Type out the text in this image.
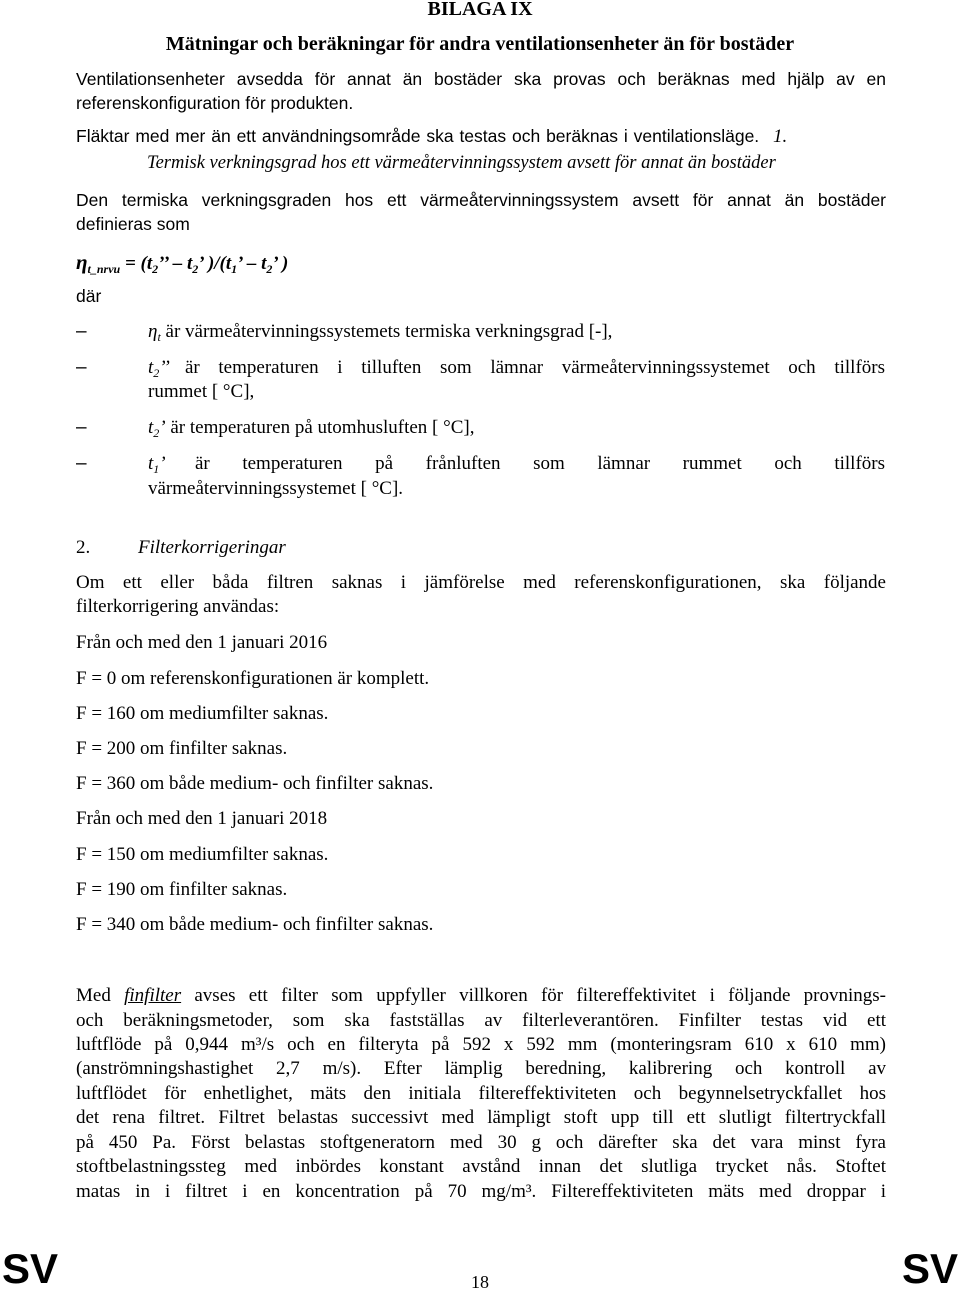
BILAGA IX
Mätningar och beräkningar för andra ventilationsenheter än för bostäder
Ventilationsenheter avsedda för annat än bostäder ska provas och beräknas med hjälp av en
referenskonfiguration för produkten.
Fläktar med mer än ett användningsområde ska testas och beräknas i ventilationsläge. 1.
Termisk verkningsgrad hos ett värmeåtervinningssystem avsett för annat än bostäder
Den termiska verkningsgraden hos ett värmeåtervinningssystem avsett för annat än bostäder
definieras som
$\eta_{t\_nrvu} = (t_2$’’ – $t_2$’ )$/(t_1$’ – $t_2$’ )
där
–	$\eta_t$ är värmeåtervinningssystemets termiska verkningsgrad [-],
–	$t_2$’’ är temperaturen i tilluften som lämnar värmeåtervinningssystemet och tillförs
rummet [ °C],
–	$t_2$’ är temperaturen på utomhusluften [ °C],
–	$t_1$’ är temperaturen på frånluften som lämnar rummet och tillförs
värmeåtervinningssystemet [ °C].
2.	Filterkorrigeringar
Om ett eller båda filtren saknas i jämförelse med referenskonfigurationen, ska följande
filterkorrigering användas:
Från och med den 1 januari 2016
F = 0 om referenskonfigurationen är komplett.
F = 160 om mediumfilter saknas.
F = 200 om finfilter saknas.
F = 360 om både medium- och finfilter saknas.
Från och med den 1 januari 2018
F = 150 om mediumfilter saknas.
F = 190 om finfilter saknas.
F = 340 om både medium- och finfilter saknas.
Med finfilter avses ett filter som uppfyller villkoren för filtereffektivitet i följande provnings-
och beräkningsmetoder, som ska fastställas av filterleverantören. Finfilter testas vid ett
luftflöde på 0,944 m³/s och en filteryta på 592 x 592 mm (monteringsram 610 x 610 mm)
(anströmningshastighet 2,7 m/s). Efter lämplig beredning, kalibrering och kontroll av
luftflödet för enhetlighet, mäts den initiala filtereffektiviteten och begynnelsetryckfallet hos
det rena filtret. Filtret belastas successivt med lämpligt stoft upp till ett slutligt filtertryckfall
på 450 Pa. Först belastas stoftgeneratorn med 30 g och därefter ska det vara minst fyra
stoftbelastningssteg med inbördes konstant avstånd innan det slutliga trycket nås. Stoftet
matas in i filtret i en koncentration på 70 mg/m³. Filtereffektiviteten mäts med droppar i
SV	18	SV
